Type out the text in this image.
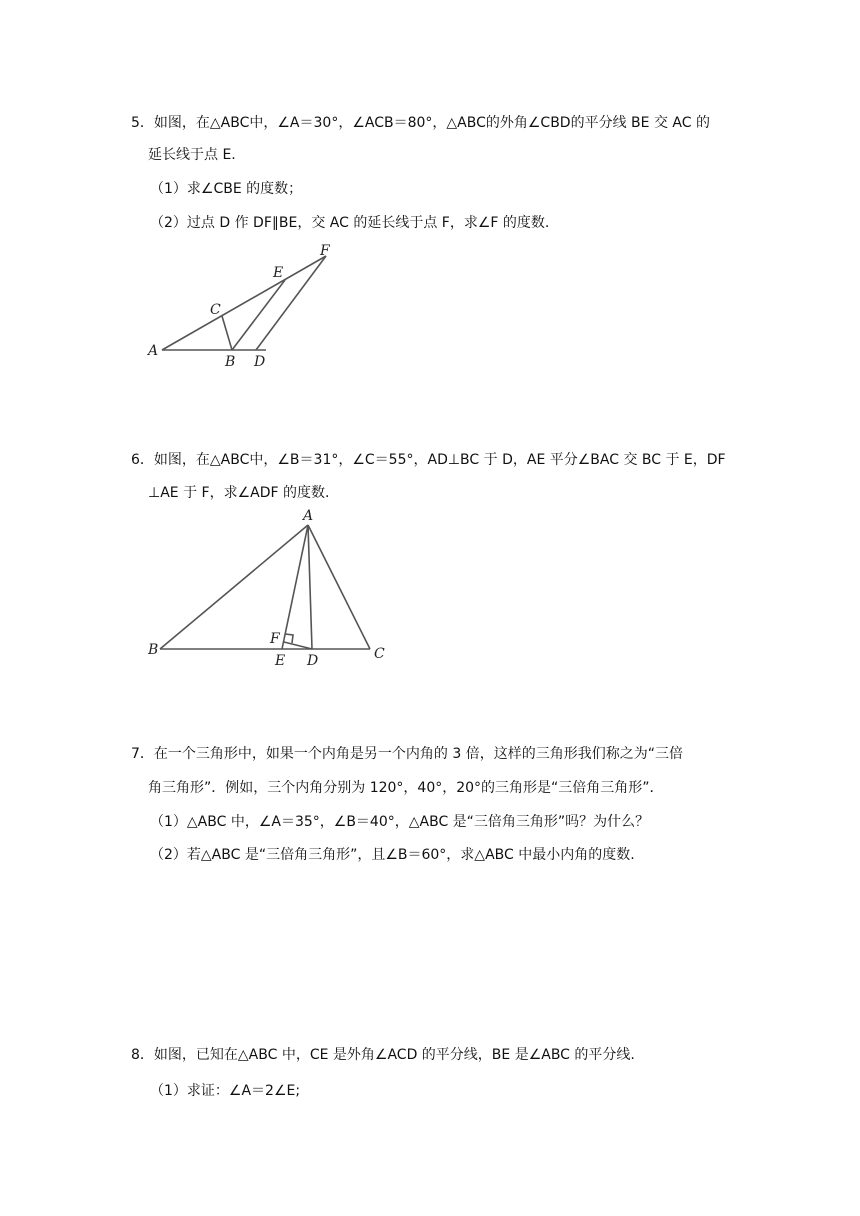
5．如图，在△ABC中，∠A＝30°，∠ACB＝80°，△ABC的外角∠CBD的平分线 BE 交 AC 的
延长线于点 E.
（1）求∠CBE 的度数；
（2）过点 D 作 DF∥BE，交 AC 的延长线于点 F，求∠F 的度数.
A
B
C
D
E
F
6．如图，在△ABC中，∠B＝31°，∠C＝55°，AD⊥BC 于 D，AE 平分∠BAC 交 BC 于 E，DF
⊥AE 于 F，求∠ADF 的度数.
A
B	C
D
E
F
7．在一个三角形中，如果一个内角是另一个内角的 3 倍，这样的三角形我们称之为“三倍
角三角形”．例如，三个内角分别为 120°，40°，20°的三角形是“三倍角三角形”．
（1）△ABC 中，∠A＝35°，∠B＝40°，△ABC 是“三倍角三角形”吗？为什么？
（2）若△ABC 是“三倍角三角形”，且∠B＝60°，求△ABC 中最小内角的度数.
8．如图，已知在△ABC 中，CE 是外角∠ACD 的平分线，BE 是∠ABC 的平分线.
（1）求证：∠A＝2∠E;
